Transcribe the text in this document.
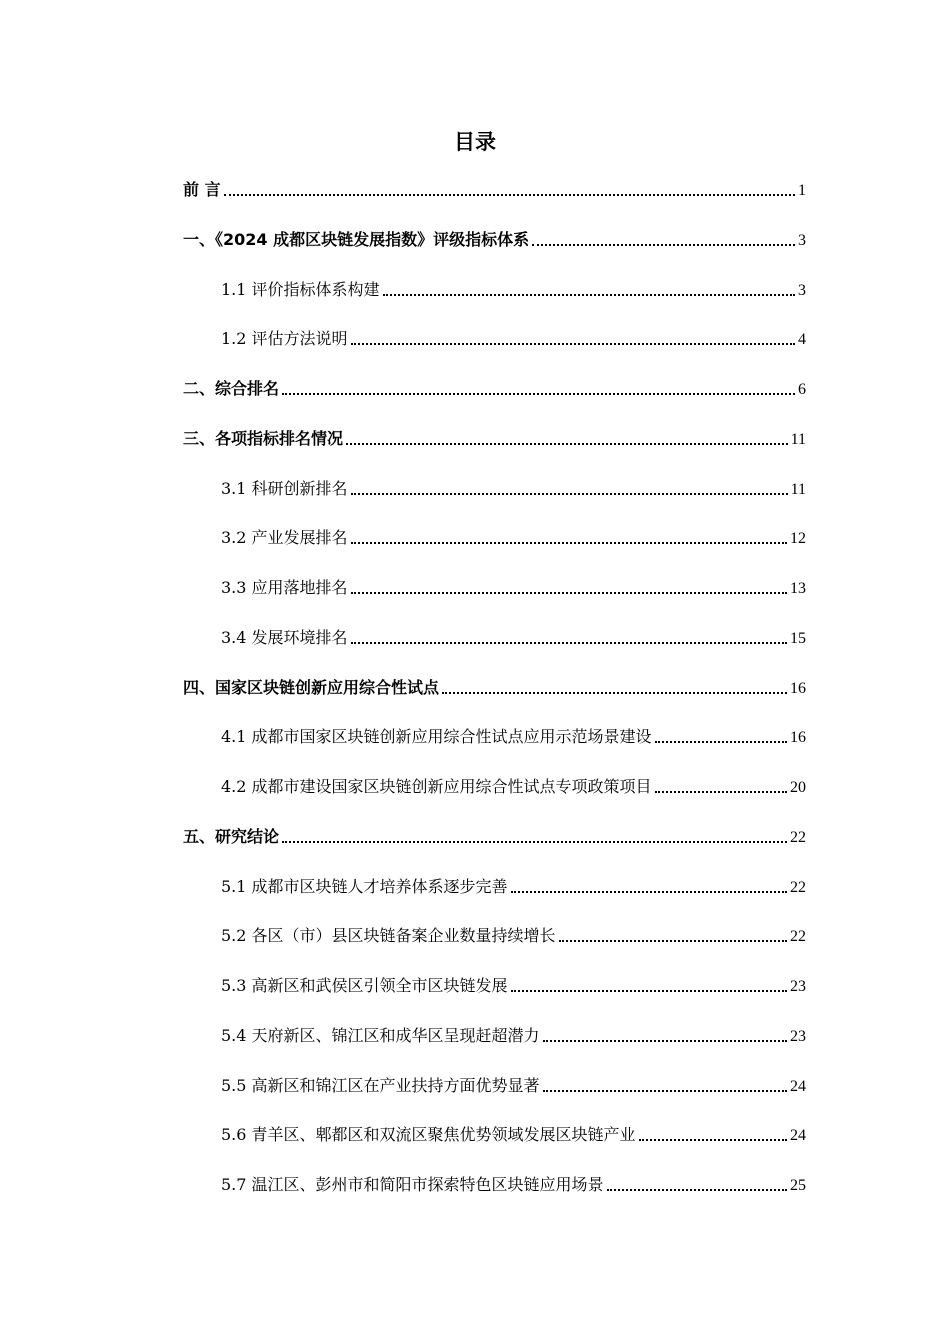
目录
前 言	1
一、《2024 成都区块链发展指数》评级指标体系	3
1.1 评价指标体系构建	3
1.2 评估方法说明	4
二、综合排名	6
三、各项指标排名情况	11
3.1 科研创新排名	11
3.2 产业发展排名	12
3.3 应用落地排名	13
3.4 发展环境排名	15
四、国家区块链创新应用综合性试点	16
4.1 成都市国家区块链创新应用综合性试点应用示范场景建设	16
4.2 成都市建设国家区块链创新应用综合性试点专项政策项目	20
五、研究结论	22
5.1 成都市区块链人才培养体系逐步完善	22
5.2 各区（市）县区块链备案企业数量持续增长	22
5.3 高新区和武侯区引领全市区块链发展	23
5.4 天府新区、锦江区和成华区呈现赶超潜力	23
5.5 高新区和锦江区在产业扶持方面优势显著	24
5.6 青羊区、郫都区和双流区聚焦优势领域发展区块链产业	24
5.7 温江区、彭州市和简阳市探索特色区块链应用场景	25
